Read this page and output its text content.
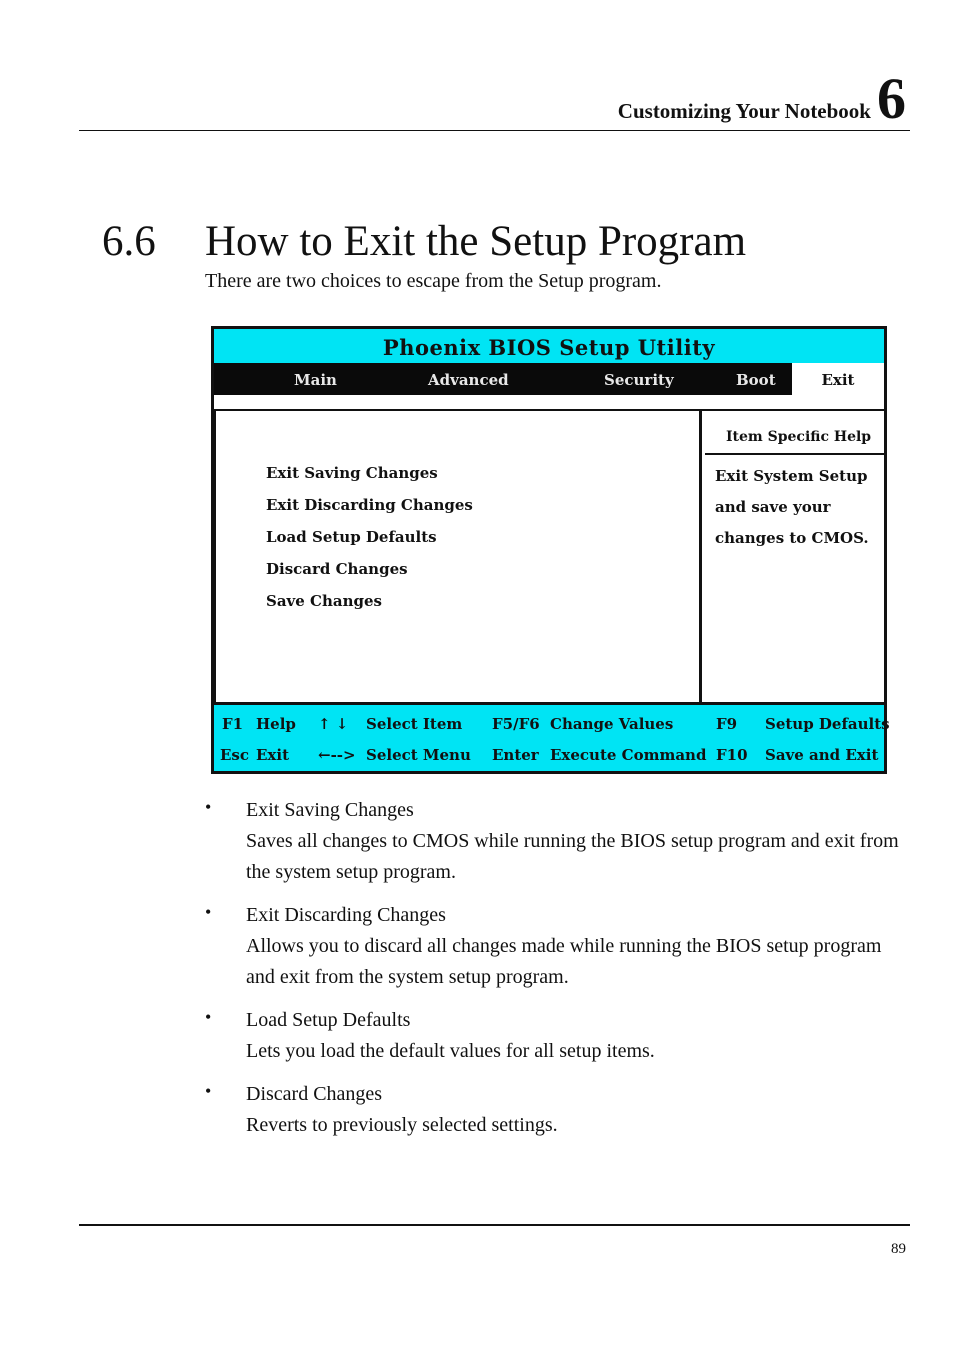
Customizing Your Notebook 6
6.6 How to Exit the Setup Program

There are two choices to escape from the Setup program.

Phoenix BIOS Setup Utility
Main	Advanced	Security	Boot	Exit
Exit Saving Changes
Exit Discarding Changes
Load Setup Defaults
Discard Changes
Save Changes
Item Specific Help
Exit System Setup
and save your
changes to CMOS.
F1 Help ↑ ↓ Select Item F5/F6 Change Values	F9 Setup Defaults
Esc Exit ←--> Select Menu Enter Execute Command F10 Save and Exit
• Exit Saving Changes
Saves all changes to CMOS while running the BIOS setup program and exit from the system setup program.
• Exit Discarding Changes
Allows you to discard all changes made while running the BIOS setup program and exit from the system setup program.
• Load Setup Defaults
Lets you load the default values for all setup items.
• Discard Changes
Reverts to previously selected settings.
89
